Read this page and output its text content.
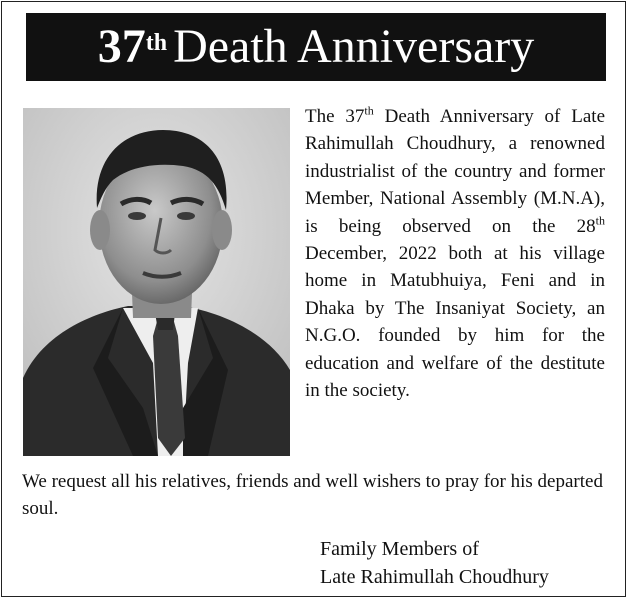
37th Death Anniversary

The 37th Death Anniversary of Late Rahimullah Choudhury, a renowned industrialist of the country and former Member, National Assembly (M.N.A), is being observed on the 28th December, 2022 both at his village home in Matubhuiya, Feni and in Dhaka by The Insaniyat Society, an N.G.O. founded by him for the education and welfare of the destitute in the society.

We request all his relatives, friends and well wishers to pray for his departed soul.

Family Members of
Late Rahimullah Choudhury
